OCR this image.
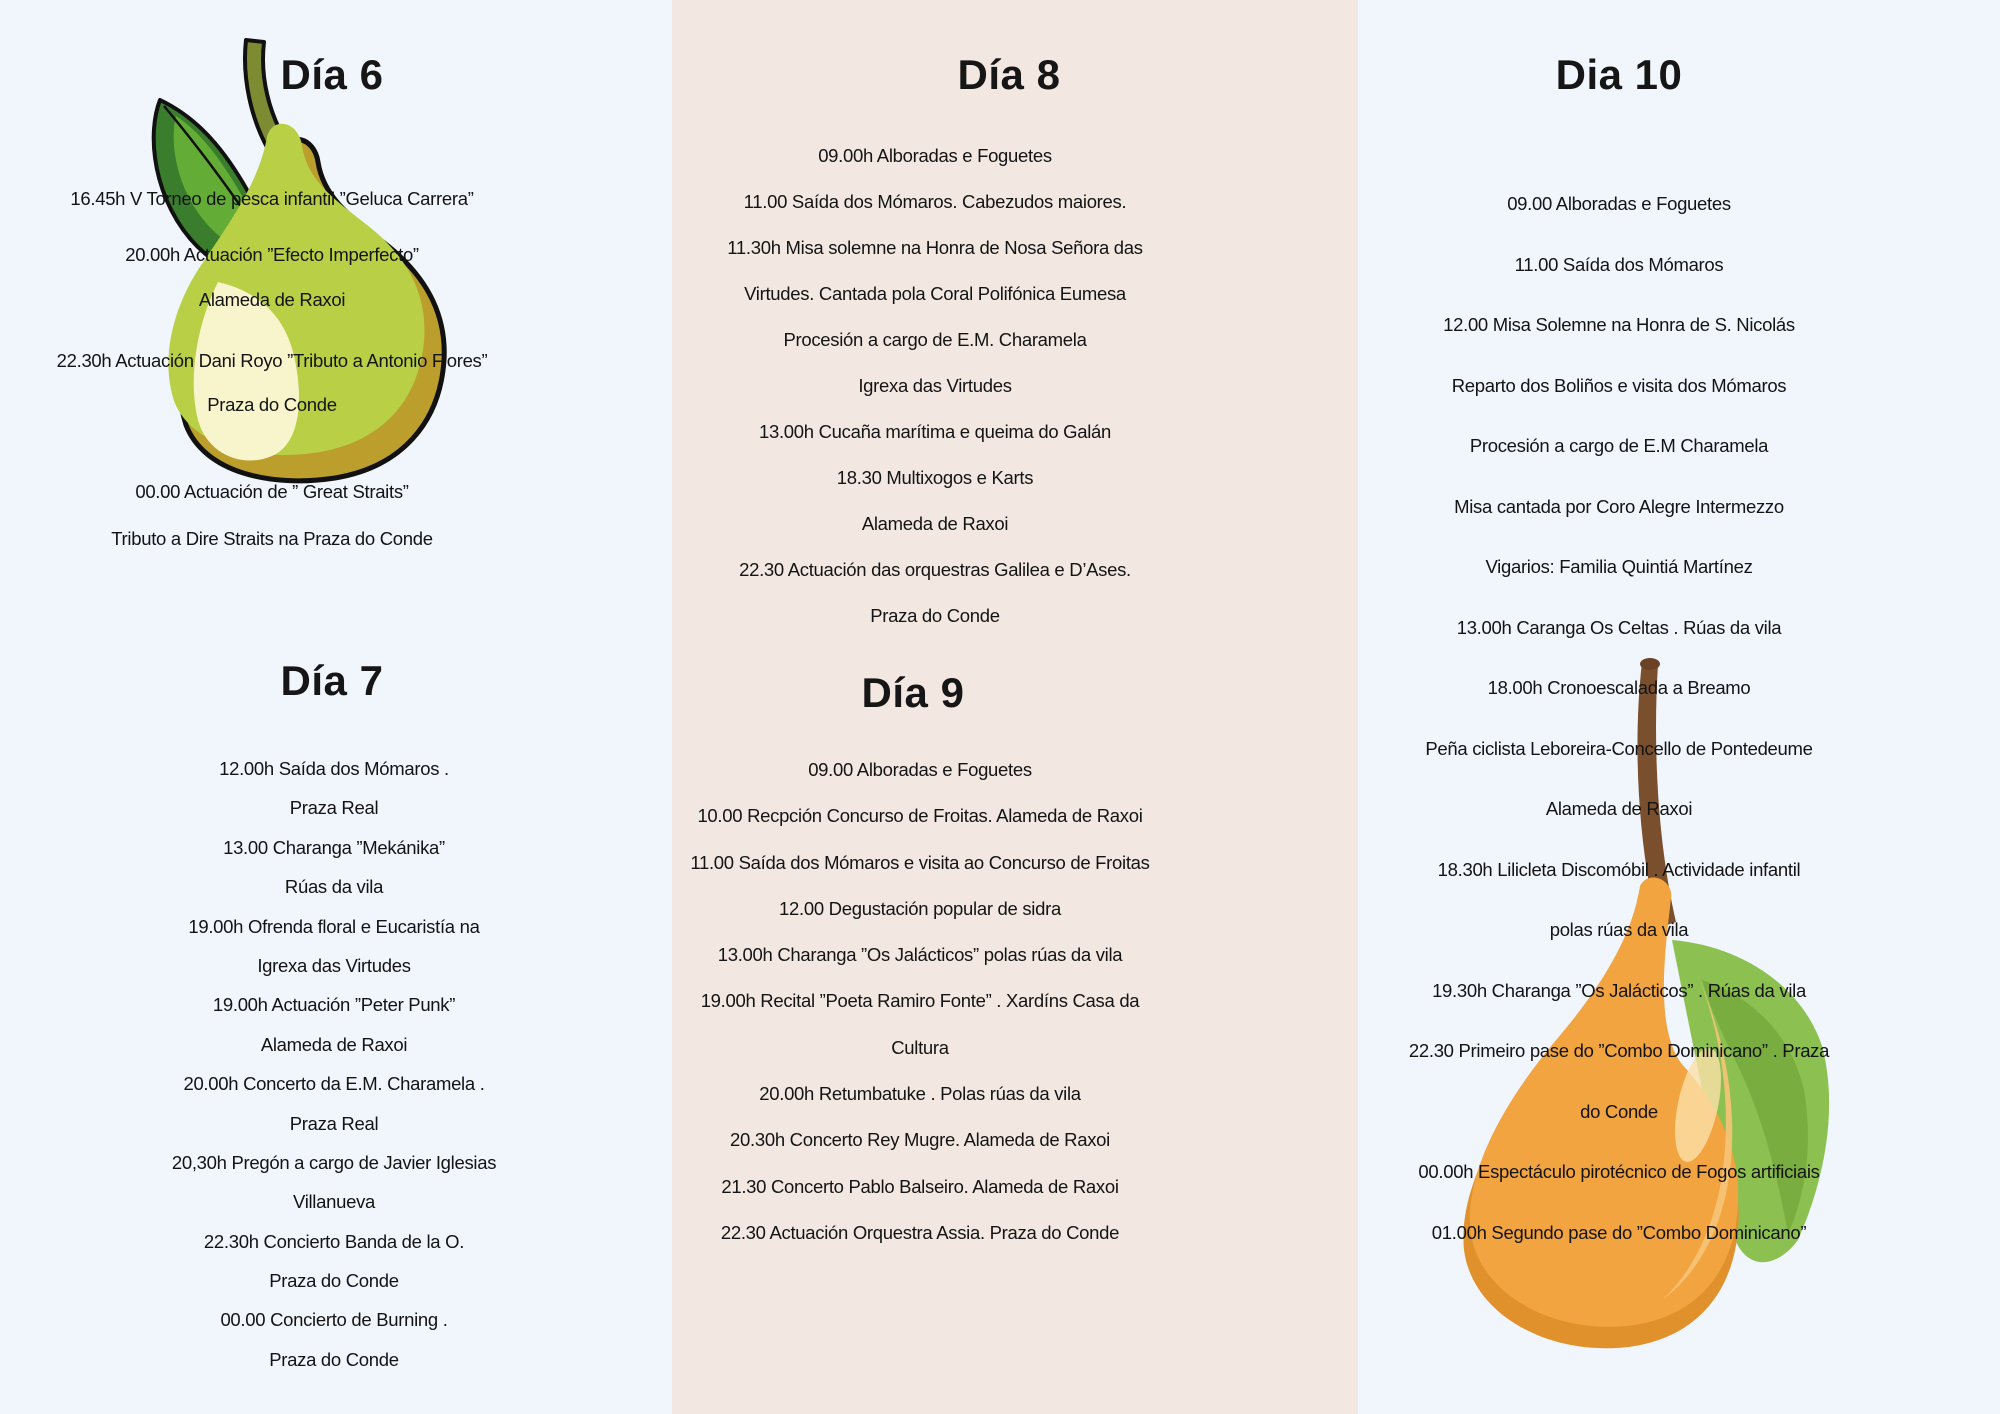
Día 6

16.45h V Torneo de pesca infantil ”Geluca Carrera”

20.00h Actuación ”Efecto Imperfecto”

Alameda de Raxoi

22.30h Actuación Dani Royo ”Tributo a Antonio Flores”

Praza do Conde

00.00 Actuación de ” Great Straits”

Tributo a Dire Straits na Praza do Conde

Día 7

12.00h Saída dos Mómaros .

Praza Real

13.00 Charanga ”Mekánika”

Rúas da vila

19.00h Ofrenda floral e Eucaristía na

Igrexa das Virtudes

19.00h Actuación ”Peter Punk”

Alameda de Raxoi

20.00h Concerto da E.M. Charamela .

Praza Real

20,30h Pregón a cargo de Javier Iglesias

Villanueva

22.30h Concierto Banda de la O.

Praza do Conde

00.00 Concierto de Burning .

Praza do Conde

Día 8

09.00h Alboradas e Foguetes

11.00 Saída dos Mómaros. Cabezudos maiores.

11.30h Misa solemne na Honra de Nosa Señora das

Virtudes. Cantada pola Coral Polifónica Eumesa

Procesión a cargo de E.M. Charamela

Igrexa das Virtudes

13.00h Cucaña marítima e queima do Galán

18.30 Multixogos e Karts

Alameda de Raxoi

22.30 Actuación das orquestras Galilea e D’Ases.

Praza do Conde

Día 9

09.00 Alboradas e Foguetes

10.00 Recpción Concurso de Froitas. Alameda de Raxoi

11.00 Saída dos Mómaros e visita ao Concurso de Froitas

12.00 Degustación popular de sidra

13.00h Charanga ”Os Jalácticos” polas rúas da vila

19.00h Recital ”Poeta Ramiro Fonte” . Xardíns Casa da

Cultura

20.00h Retumbatuke . Polas rúas da vila

20.30h Concerto Rey Mugre. Alameda de Raxoi

21.30 Concerto Pablo Balseiro. Alameda de Raxoi

22.30 Actuación Orquestra Assia. Praza do Conde

Dia 10

09.00 Alboradas e Foguetes

11.00 Saída dos Mómaros

12.00 Misa Solemne na Honra de S. Nicolás

Reparto dos Boliños e visita dos Mómaros

Procesión a cargo de E.M Charamela

Misa cantada por Coro Alegre Intermezzo

Vigarios: Familia Quintiá Martínez

13.00h Caranga Os Celtas . Rúas da vila

18.00h Cronoescalada a Breamo

Peña ciclista Leboreira-Concello de Pontedeume

Alameda de Raxoi

18.30h Lilicleta Discomóbil . Actividade infantil

polas rúas da vila

19.30h Charanga ”Os Jalácticos” . Rúas da vila

22.30 Primeiro pase do ”Combo Dominicano” . Praza

do Conde

00.00h Espectáculo pirotécnico de Fogos artificiais

01.00h Segundo pase do ”Combo Dominicano”
